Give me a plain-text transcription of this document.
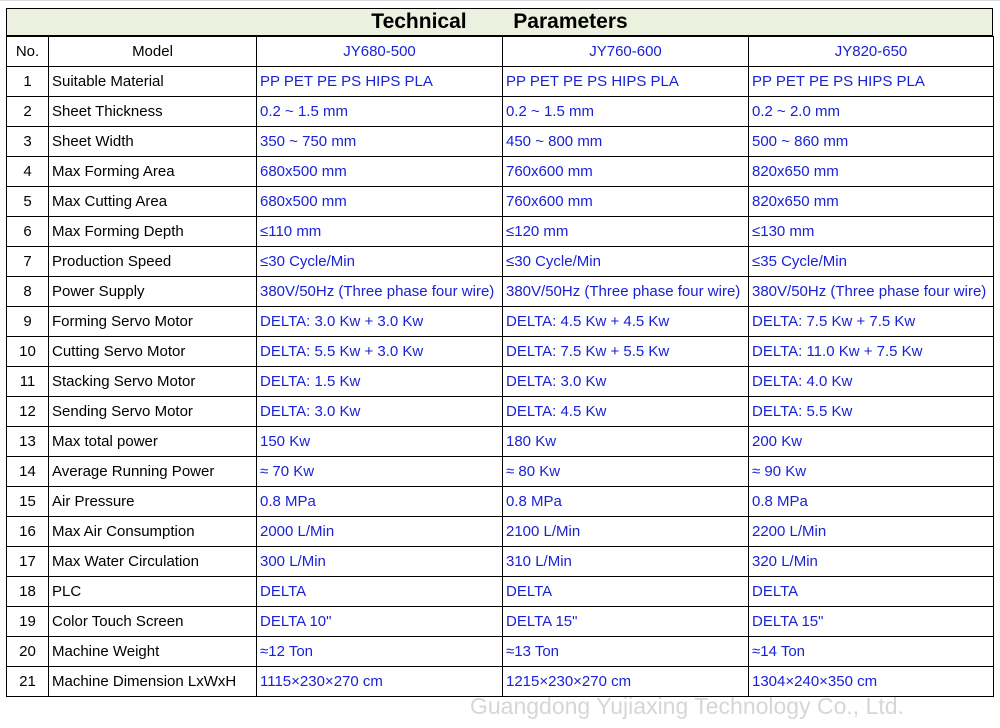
Technical        Parameters
No.	Model	JY680-500	JY760-600	JY820-650
1	Suitable Material	PP PET PE PS HIPS PLA	PP PET PE PS HIPS PLA	PP PET PE PS HIPS PLA
2	Sheet Thickness	0.2 ~ 1.5 mm	0.2 ~ 1.5 mm	0.2 ~ 2.0 mm
3	Sheet Width	350 ~ 750 mm	450 ~ 800 mm	500 ~ 860 mm
4	Max Forming Area	680x500 mm	760x600 mm	820x650 mm
5	Max Cutting Area	680x500 mm	760x600 mm	820x650 mm
6	Max Forming Depth	≤110 mm	≤120 mm	≤130 mm
7	Production Speed	≤30 Cycle/Min	≤30 Cycle/Min	≤35 Cycle/Min
8	Power Supply	380V/50Hz (Three phase four wire)	380V/50Hz (Three phase four wire)	380V/50Hz (Three phase four wire)
9	Forming Servo Motor	DELTA: 3.0 Kw + 3.0 Kw	DELTA: 4.5 Kw + 4.5 Kw	DELTA: 7.5 Kw + 7.5 Kw
10	Cutting Servo Motor	DELTA: 5.5 Kw + 3.0 Kw	DELTA: 7.5 Kw + 5.5 Kw	DELTA: 11.0 Kw + 7.5 Kw
11	Stacking Servo Motor	DELTA: 1.5 Kw	DELTA: 3.0 Kw	DELTA: 4.0 Kw
12	Sending Servo Motor	DELTA: 3.0 Kw	DELTA: 4.5 Kw	DELTA: 5.5 Kw
13	Max total power	150 Kw	180 Kw	200 Kw
14	Average Running Power	≈ 70 Kw	≈ 80 Kw	≈ 90 Kw
15	Air Pressure	0.8 MPa	0.8 MPa	0.8 MPa
16	Max Air Consumption	2000 L/Min	2100 L/Min	2200 L/Min
17	Max Water Circulation	300 L/Min	310 L/Min	320 L/Min
18	PLC	DELTA	DELTA	DELTA
19	Color Touch Screen	DELTA 10"	DELTA 15"	DELTA 15"
20	Machine Weight	≈12 Ton	≈13 Ton	≈14 Ton
21	Machine Dimension LxWxH	1115×230×270 cm	1215×230×270 cm	1304×240×350 cm
Guangdong Yujiaxing Technology Co., Ltd.
